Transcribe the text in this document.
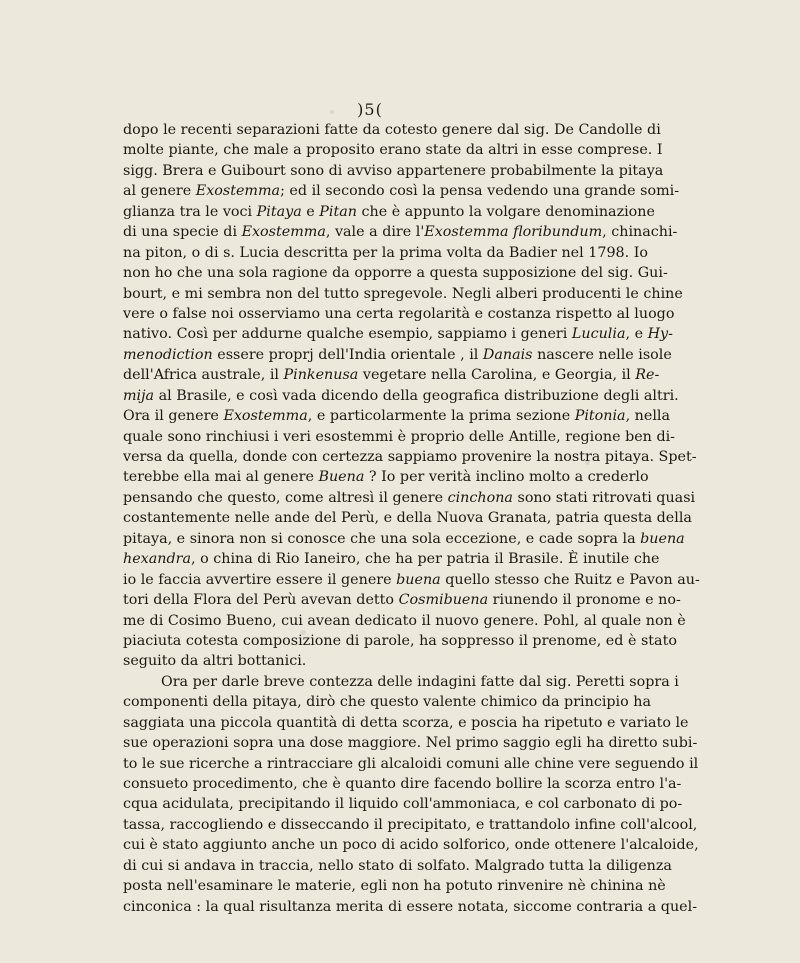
)5(
dopo le recenti separazioni fatte da cotesto genere dal sig. De Candolle di
molte piante, che male a proposito erano state da altri in esse comprese. I
sigg. Brera e Guibourt sono di avviso appartenere probabilmente la pitaya
al genere Exostemma; ed il secondo così la pensa vedendo una grande somi-
glianza tra le voci Pitaya e Pitan che è appunto la volgare denominazione
di una specie di Exostemma, vale a dire l'Exostemma floribundum, chinachi-
na piton, o di s. Lucia descritta per la prima volta da Badier nel 1798. Io
non ho che una sola ragione da opporre a questa supposizione del sig. Gui-
bourt, e mi sembra non del tutto spregevole. Negli alberi producenti le chine
vere o false noi osserviamo una certa regolarità e costanza rispetto al luogo
nativo. Così per addurne qualche esempio, sappiamo i generi Luculia, e Hy-
menodiction essere proprj dell'India orientale , il Danais nascere nelle isole
dell'Africa australe, il Pinkenusa vegetare nella Carolina, e Georgia, il Re-
mija al Brasile, e così vada dicendo della geografica distribuzione degli altri.
Ora il genere Exostemma, e particolarmente la prima sezione Pitonia, nella
quale sono rinchiusi i veri esostemmi è proprio delle Antille, regione ben di-
versa da quella, donde con certezza sappiamo provenire la nostra pitaya. Spet-
terebbe ella mai al genere Buena ? Io per verità inclino molto a crederlo
pensando che questo, come altresì il genere cinchona sono stati ritrovati quasi
costantemente nelle ande del Perù, e della Nuova Granata, patria questa della
pitaya, e sinora non si conosce che una sola eccezione, e cade sopra la buena
hexandra, o china di Rio Ianeiro, che ha per patria il Brasile. È inutile che
io le faccia avvertire essere il genere buena quello stesso che Ruitz e Pavon au-
tori della Flora del Perù avevan detto Cosmibuena riunendo il pronome e no-
me di Cosimo Bueno, cui avean dedicato il nuovo genere. Pohl, al quale non è
piaciuta cotesta composizione di parole, ha soppresso il prenome, ed è stato
seguito da altri bottanici.
Ora per darle breve contezza delle indagini fatte dal sig. Peretti sopra i
componenti della pitaya, dirò che questo valente chimico da principio ha
saggiata una piccola quantità di detta scorza, e poscia ha ripetuto e variato le
sue operazioni sopra una dose maggiore. Nel primo saggio egli ha diretto subi-
to le sue ricerche a rintracciare gli alcaloidi comuni alle chine vere seguendo il
consueto procedimento, che è quanto dire facendo bollire la scorza entro l'a-
cqua acidulata, precipitando il liquido coll'ammoniaca, e col carbonato di po-
tassa, raccogliendo e disseccando il precipitato, e trattandolo infine coll'alcool,
cui è stato aggiunto anche un poco di acido solforico, onde ottenere l'alcaloide,
di cui si andava in traccia, nello stato di solfato. Malgrado tutta la diligenza
posta nell'esaminare le materie, egli non ha potuto rinvenire nè chinina nè
cinconica : la qual risultanza merita di essere notata, siccome contraria a quel-
